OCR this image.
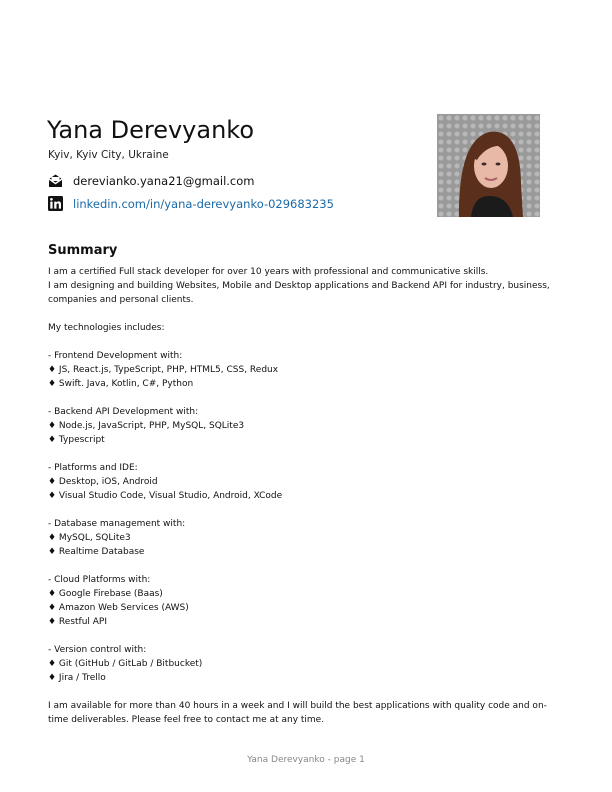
Yana Derevyanko
Kyiv, Kyiv City, Ukraine
derevianko.yana21@gmail.com
linkedin.com/in/yana-derevyanko-029683235
Summary

I am a certified Full stack developer for over 10 years with professional and communicative skills.

I am designing and building Websites, Mobile and Desktop applications and Backend API for industry, business, companies and personal clients.

My technologies includes:

- Frontend Development with:

♦ JS, React.js, TypeScript, PHP, HTML5, CSS, Redux

♦ Swift. Java, Kotlin, C#, Python

- Backend API Development with:

♦ Node.js, JavaScript, PHP, MySQL, SQLite3

♦ Typescript

- Platforms and IDE:

♦ Desktop, iOS, Android

♦ Visual Studio Code, Visual Studio, Android, XCode

- Database management with:

♦ MySQL, SQLite3

♦ Realtime Database

- Cloud Platforms with:

♦ Google Firebase (Baas)

♦ Amazon Web Services (AWS)

♦ Restful API

- Version control with:

♦ Git (GitHub / GitLab / Bitbucket)

♦ Jira / Trello

I am available for more than 40 hours in a week and I will build the best applications with quality code and on-time deliverables. Please feel free to contact me at any time.

Yana Derevyanko - page 1
